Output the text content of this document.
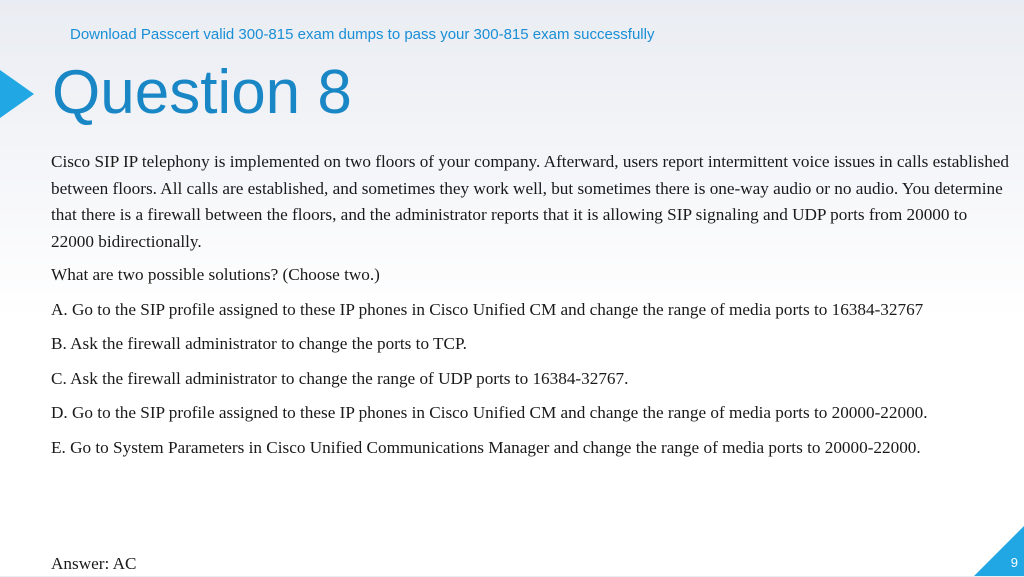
Download Passcert valid 300-815 exam dumps to pass your 300-815 exam successfully
Question 8

Cisco SIP IP telephony is implemented on two floors of your company. Afterward, users report intermittent voice issues in calls established between floors. All calls are established, and sometimes they work well, but sometimes there is one-way audio or no audio. You determine that there is a firewall between the floors, and the administrator reports that it is allowing SIP signaling and UDP ports from 20000 to 22000 bidirectionally.

What are two possible solutions? (Choose two.)

A. Go to the SIP profile assigned to these IP phones in Cisco Unified CM and change the range of media ports to 16384-32767

B. Ask the firewall administrator to change the ports to TCP.

C. Ask the firewall administrator to change the range of UDP ports to 16384-32767.

D. Go to the SIP profile assigned to these IP phones in Cisco Unified CM and change the range of media ports to 20000-22000.

E. Go to System Parameters in Cisco Unified Communications Manager and change the range of media ports to 20000-22000.

Answer: AC	9
